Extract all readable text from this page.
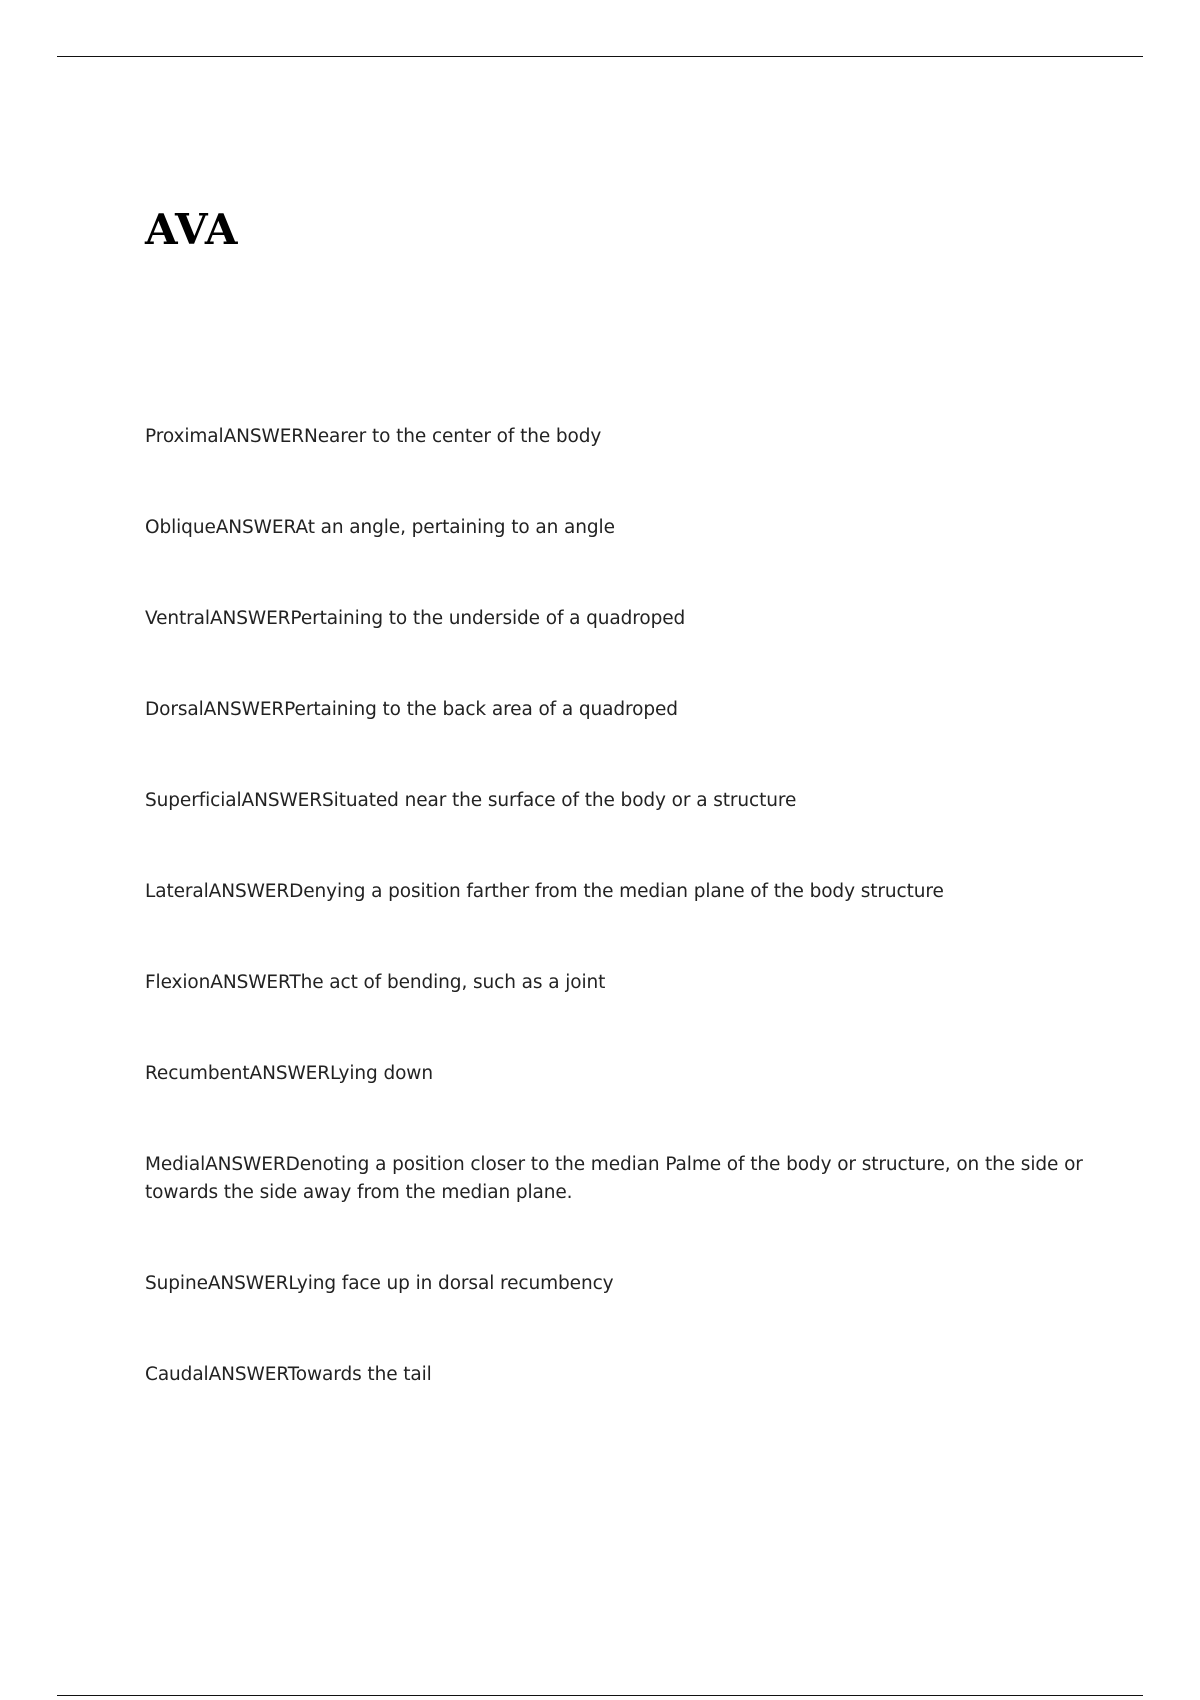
AVA
ProximalANSWERNearer to the center of the body
ObliqueANSWERAt an angle, pertaining to an angle
VentralANSWERPertaining to the underside of a quadroped
DorsalANSWERPertaining to the back area of a quadroped
SuperficialANSWERSituated near the surface of the body or a structure
LateralANSWERDenying a position farther from the median plane of the body structure
FlexionANSWERThe act of bending, such as a joint
RecumbentANSWERLying down
MedialANSWERDenoting a position closer to the median Palme of the body or structure, on the side or towards the side away from the median plane.
SupineANSWERLying face up in dorsal recumbency
CaudalANSWERTowards the tail
